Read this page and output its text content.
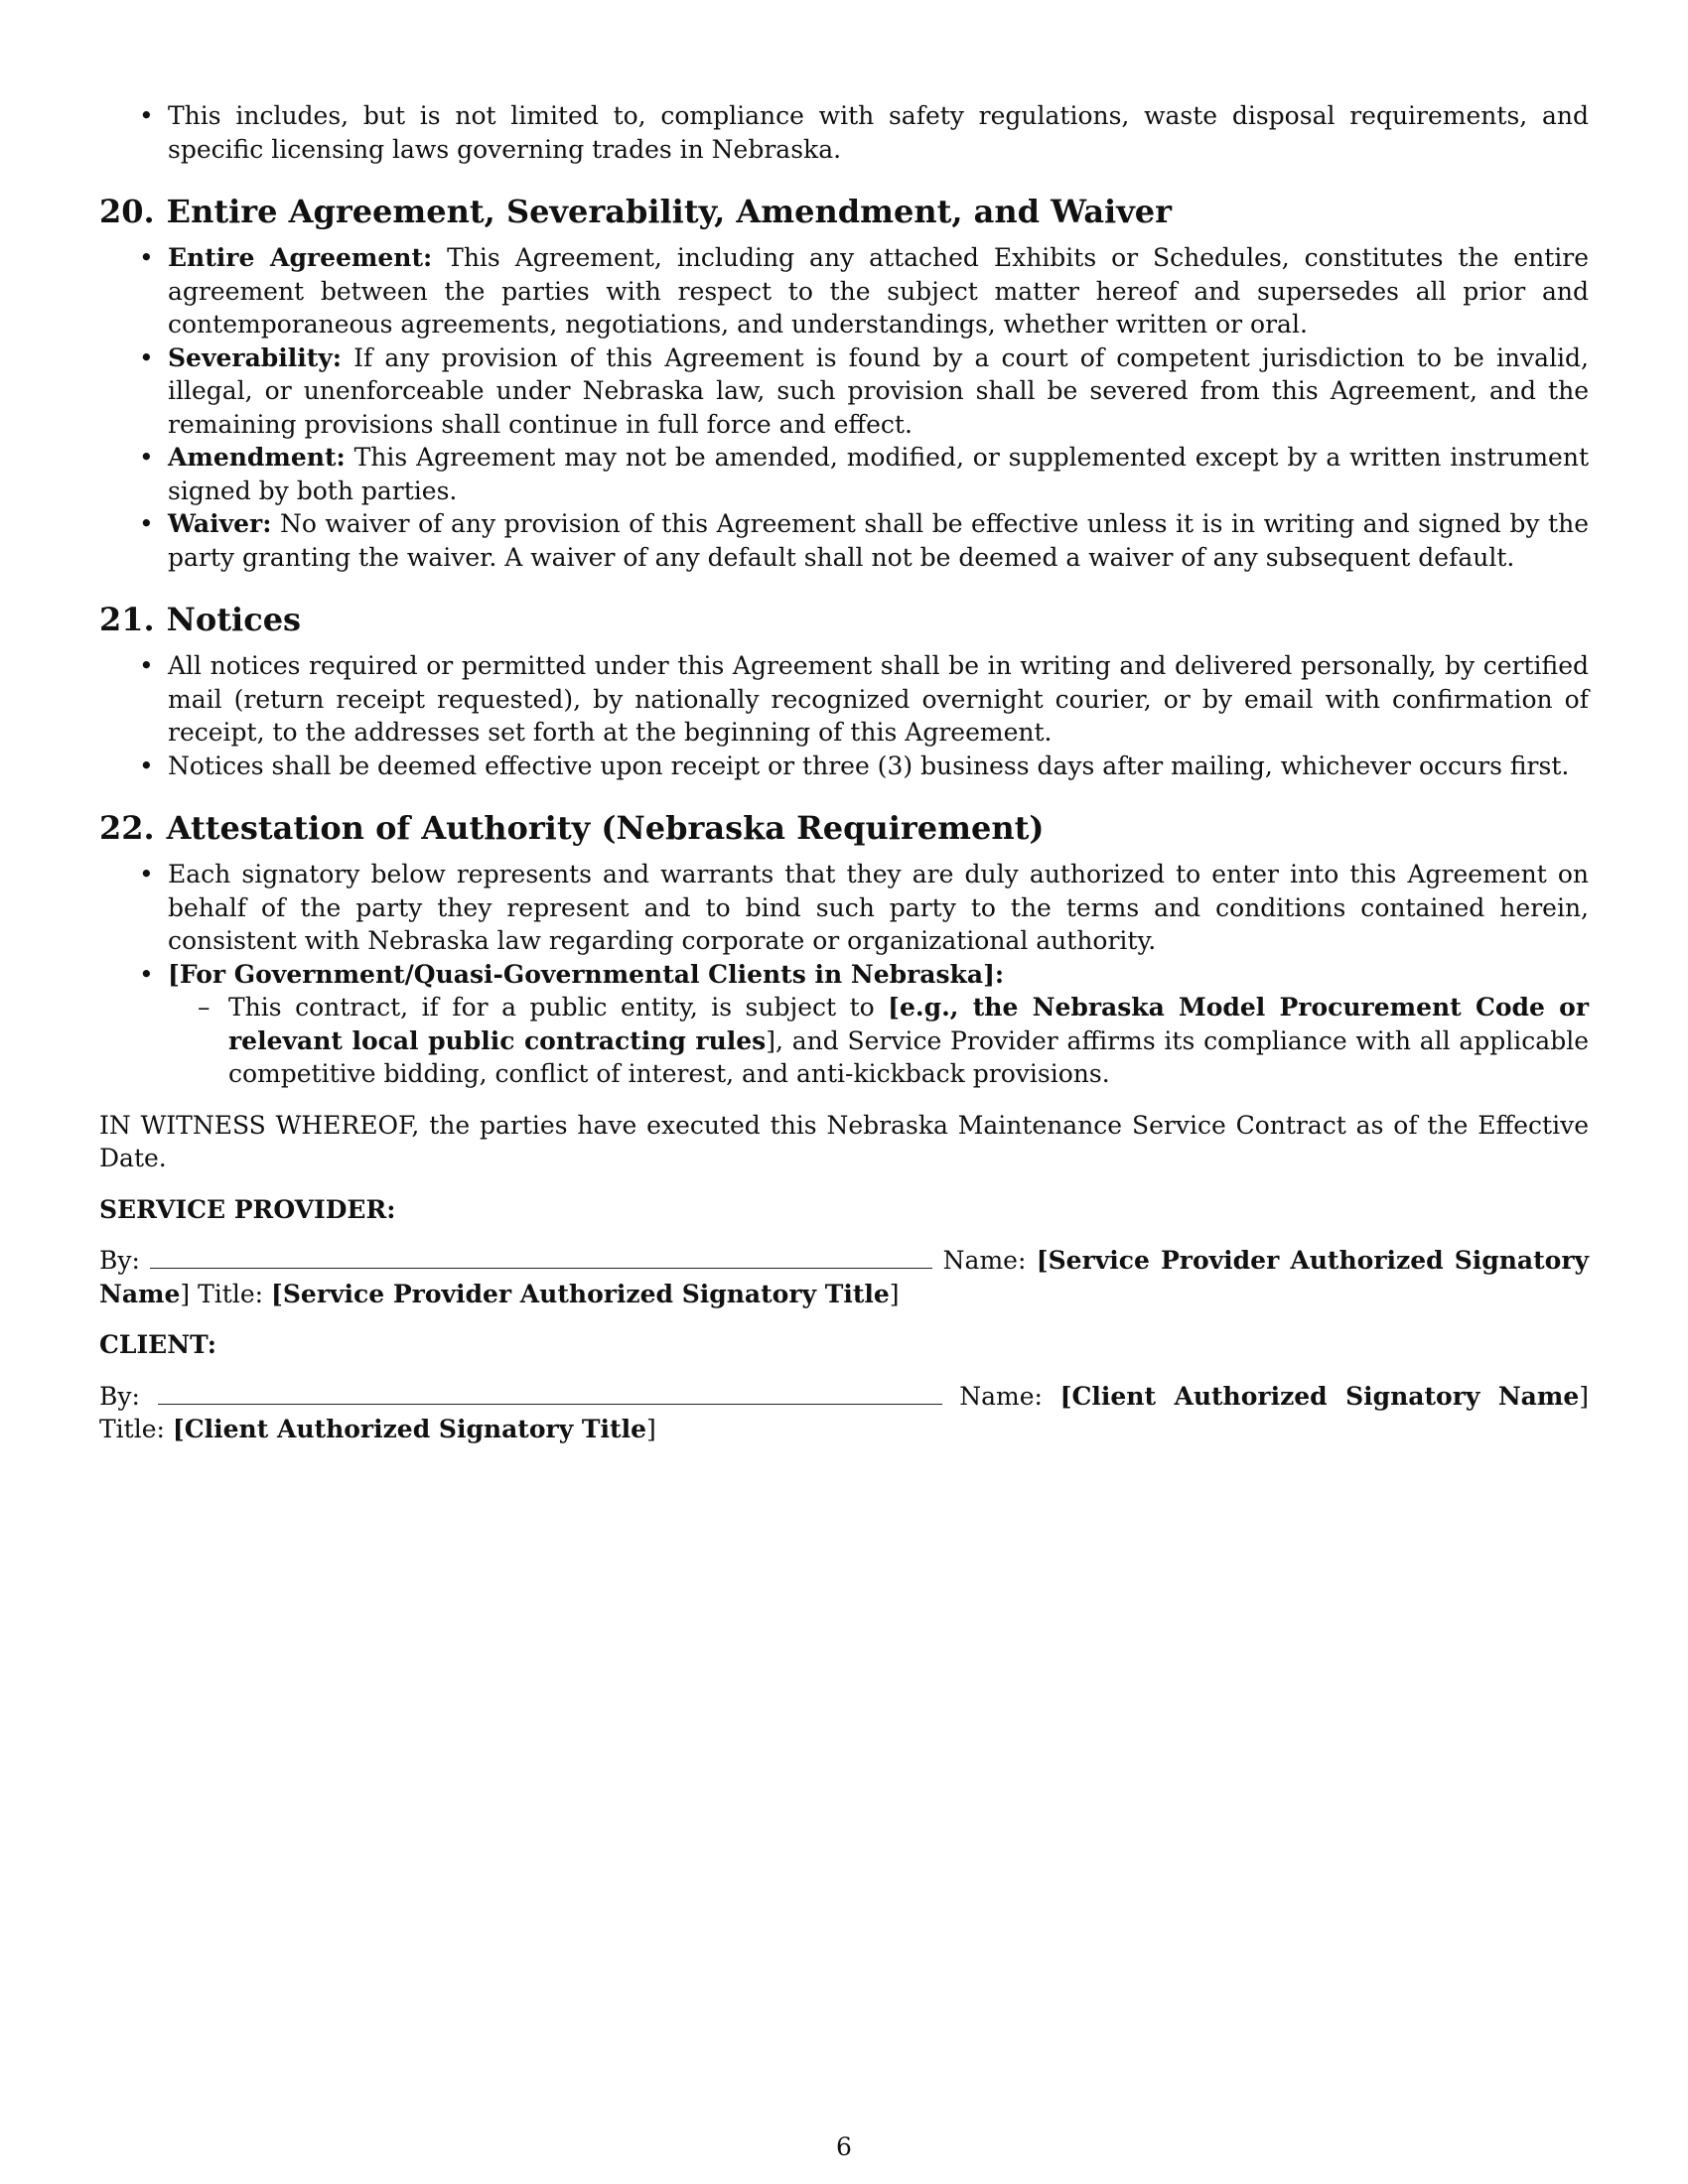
• This includes, but is not limited to, compliance with safety regulations, waste disposal requirements, and specific licensing laws governing trades in Nebraska.
20. Entire Agreement, Severability, Amendment, and Waiver
• Entire Agreement: This Agreement, including any attached Exhibits or Schedules, constitutes the entire agreement between the parties with respect to the subject matter hereof and supersedes all prior and contemporaneous agreements, negotiations, and understandings, whether written or oral.
• Severability: If any provision of this Agreement is found by a court of competent jurisdiction to be invalid, illegal, or unenforceable under Nebraska law, such provision shall be severed from this Agreement, and the remaining provisions shall continue in full force and effect.
• Amendment: This Agreement may not be amended, modified, or supplemented except by a written instrument signed by both parties.
• Waiver: No waiver of any provision of this Agreement shall be effective unless it is in writing and signed by the party granting the waiver. A waiver of any default shall not be deemed a waiver of any subsequent default.
21. Notices
• All notices required or permitted under this Agreement shall be in writing and delivered personally, by certified mail (return receipt requested), by nationally recognized overnight courier, or by email with confirmation of receipt, to the addresses set forth at the beginning of this Agreement.
• Notices shall be deemed effective upon receipt or three (3) business days after mailing, whichever occurs first.
22. Attestation of Authority (Nebraska Requirement)
• Each signatory below represents and warrants that they are duly authorized to enter into this Agreement on behalf of the party they represent and to bind such party to the terms and conditions contained herein, consistent with Nebraska law regarding corporate or organizational authority.
• [For Government/Quasi-Governmental Clients in Nebraska]:
– This contract, if for a public entity, is subject to [e.g., the Nebraska Model Procurement Code or relevant local public contracting rules], and Service Provider affirms its compliance with all applicable competitive bidding, conflict of interest, and anti-kickback provisions.

IN WITNESS WHEREOF, the parties have executed this Nebraska Maintenance Service Contract as of the Effective Date.

SERVICE PROVIDER:

By:	Name: [Service Provider Authorized Signatory Name] Title: [Service Provider Authorized Signatory Title]

CLIENT:

By:	Name: [Client Authorized Signatory Name] Title: [Client Authorized Signatory Title]

6
